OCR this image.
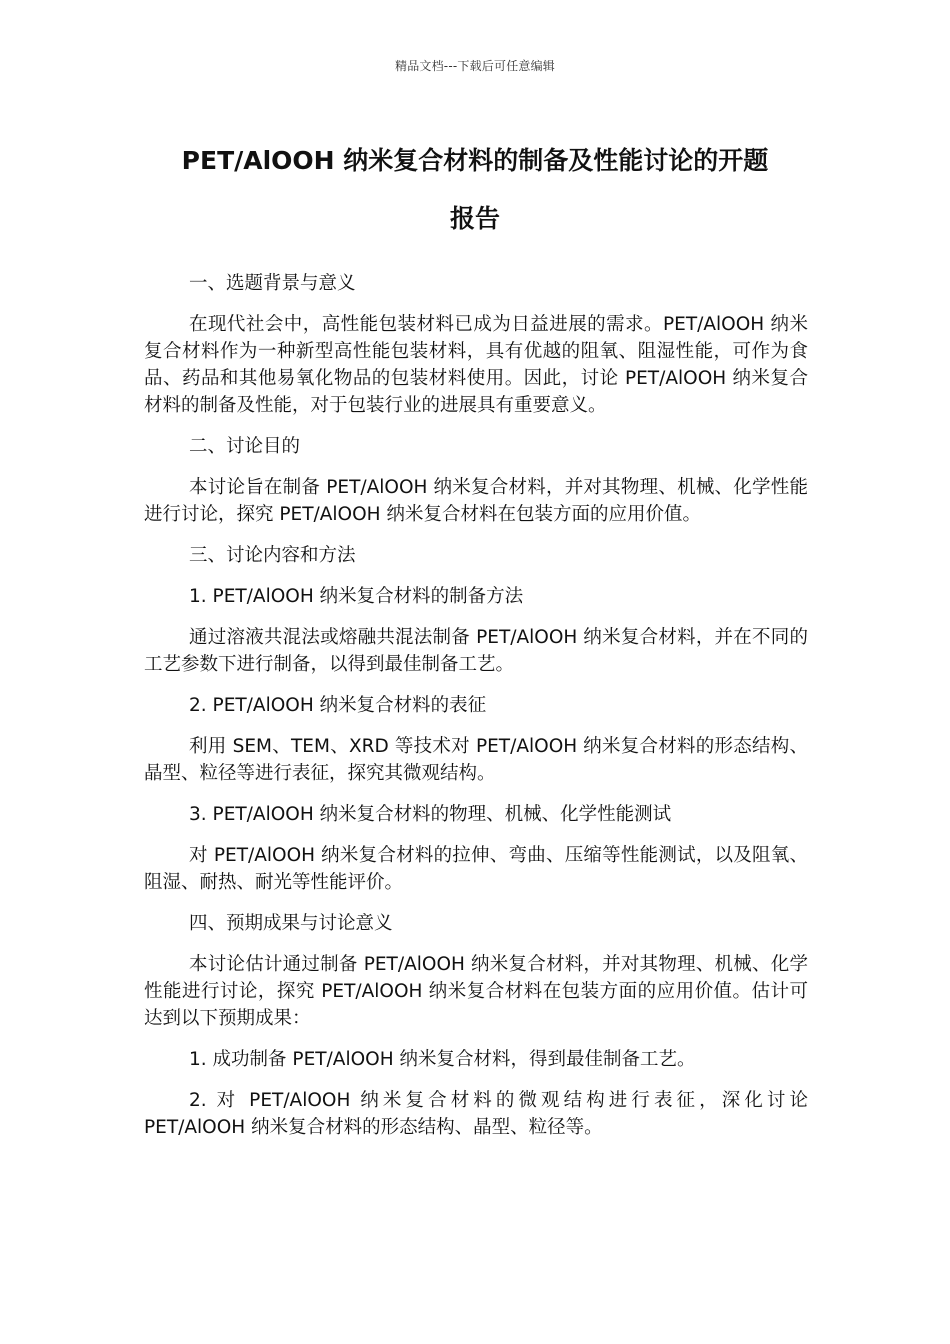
精品文档---下载后可任意编辑
PET/AlOOH 纳米复合材料的制备及性能讨论的开题
报告

一、选题背景与意义

在现代社会中，高性能包装材料已成为日益进展的需求。PET/AlOOH 纳米复合材料作为一种新型高性能包装材料，具有优越的阻氧、阻湿性能，可作为食品、药品和其他易氧化物品的包装材料使用。因此，讨论 PET/AlOOH 纳米复合材料的制备及性能，对于包装行业的进展具有重要意义。

二、讨论目的

本讨论旨在制备 PET/AlOOH 纳米复合材料，并对其物理、机械、化学性能进行讨论，探究 PET/AlOOH 纳米复合材料在包装方面的应用价值。

三、讨论内容和方法

1. PET/AlOOH 纳米复合材料的制备方法

通过溶液共混法或熔融共混法制备 PET/AlOOH 纳米复合材料，并在不同的工艺参数下进行制备，以得到最佳制备工艺。

2. PET/AlOOH 纳米复合材料的表征

利用 SEM、TEM、XRD 等技术对 PET/AlOOH 纳米复合材料的形态结构、晶型、粒径等进行表征，探究其微观结构。

3. PET/AlOOH 纳米复合材料的物理、机械、化学性能测试

对 PET/AlOOH 纳米复合材料的拉伸、弯曲、压缩等性能测试，以及阻氧、阻湿、耐热、耐光等性能评价。

四、预期成果与讨论意义

本讨论估计通过制备 PET/AlOOH 纳米复合材料，并对其物理、机械、化学性能进行讨论，探究 PET/AlOOH 纳米复合材料在包装方面的应用价值。估计可达到以下预期成果：

1. 成功制备 PET/AlOOH 纳米复合材料，得到最佳制备工艺。

2. 对 PET/AlOOH 纳米复合材料的微观结构进行表征，深化讨论 PET/AlOOH 纳米复合材料的形态结构、晶型、粒径等。
